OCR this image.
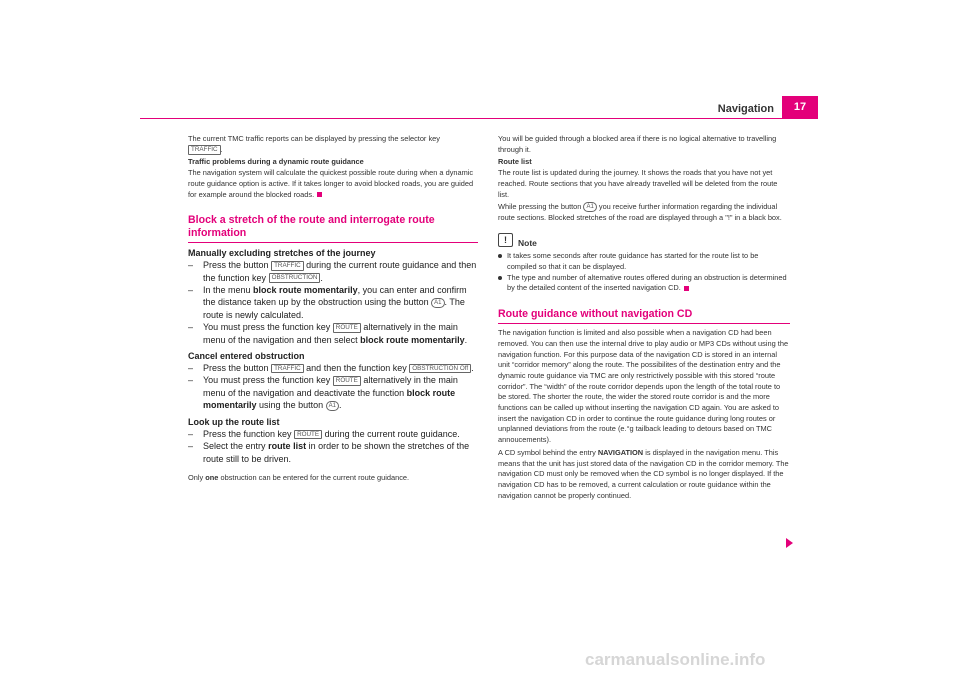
Navigation	17

The current TMC traffic reports can be displayed by pressing the selector key
TRAFFIC .

Traffic problems during a dynamic route guidance

The navigation system will calculate the quickest possible route during when a dynamic route guidance option is active. If it takes longer to avoid blocked roads, you are guided for example around the blocked roads.

Block a stretch of the route and interrogate route information
Manually excluding stretches of the journey
– Press the button TRAFFIC during the current route guidance and then the function key OBSTRUCTION .
– In the menu block route momentarily, you can enter and confirm the distance taken up by the obstruction using the button A1 . The route is newly calculated.
– You must press the function key ROUTE alternatively in the main menu of the navigation and then select block route momentarily.
Cancel entered obstruction
– Press the button TRAFFIC and then the function key OBSTRUCTION Off .
– You must press the function key ROUTE alternatively in the main menu of the navigation and deactivate the function block route momentarily using the button A1 .
Look up the route list
– Press the function key ROUTE during the current route guidance.
– Select the entry route list in order to be shown the stretches of the route still to be driven.

Only one obstruction can be entered for the current route guidance.

You will be guided through a blocked area if there is no logical alternative to travelling through it.

Route list

The route list is updated during the journey. It shows the roads that you have not yet reached. Route sections that you have already travelled will be deleted from the route list.

While pressing the button A1 you receive further information regarding the individual route sections. Blocked stretches of the road are displayed through a "!" in a black box.

!	Note
It takes some seconds after route guidance has started for the route list to be compiled so that it can be displayed.
The type and number of alternative routes offered during an obstruction is determined by the detailed content of the inserted navigation CD.
Route guidance without navigation CD

The navigation function is limited and also possible when a navigation CD had been removed. You can then use the internal drive to play audio or MP3 CDs without using the navigation function. For this purpose data of the navigation CD is stored in an internal unit “corridor memory” along the route. The possibilites of the destination entry and the dynamic route guidance via TMC are only restrictively possible with this stored “route corridor”. The “width” of the route corridor depends upon the length of the total route to be stored. The shorter the route, the wider the stored route corridor is and the more functions can be called up without inserting the navigation CD again. You are asked to insert the navigation CD in order to continue the route guidance during long routes or unplanned deviations from the route (e.°g tailback leading to detours based on TMC annoucements).

A CD symbol behind the entry NAVIGATION is displayed in the navigation menu. This means that the unit has just stored data of the navigation CD in the corridor memory. The navigation CD must only be removed when the CD symbol is no longer displayed. If the navigation CD has to be removed, a current calculation or route guidance within the navigation cannot be properly continued.

carmanualsonline.info
